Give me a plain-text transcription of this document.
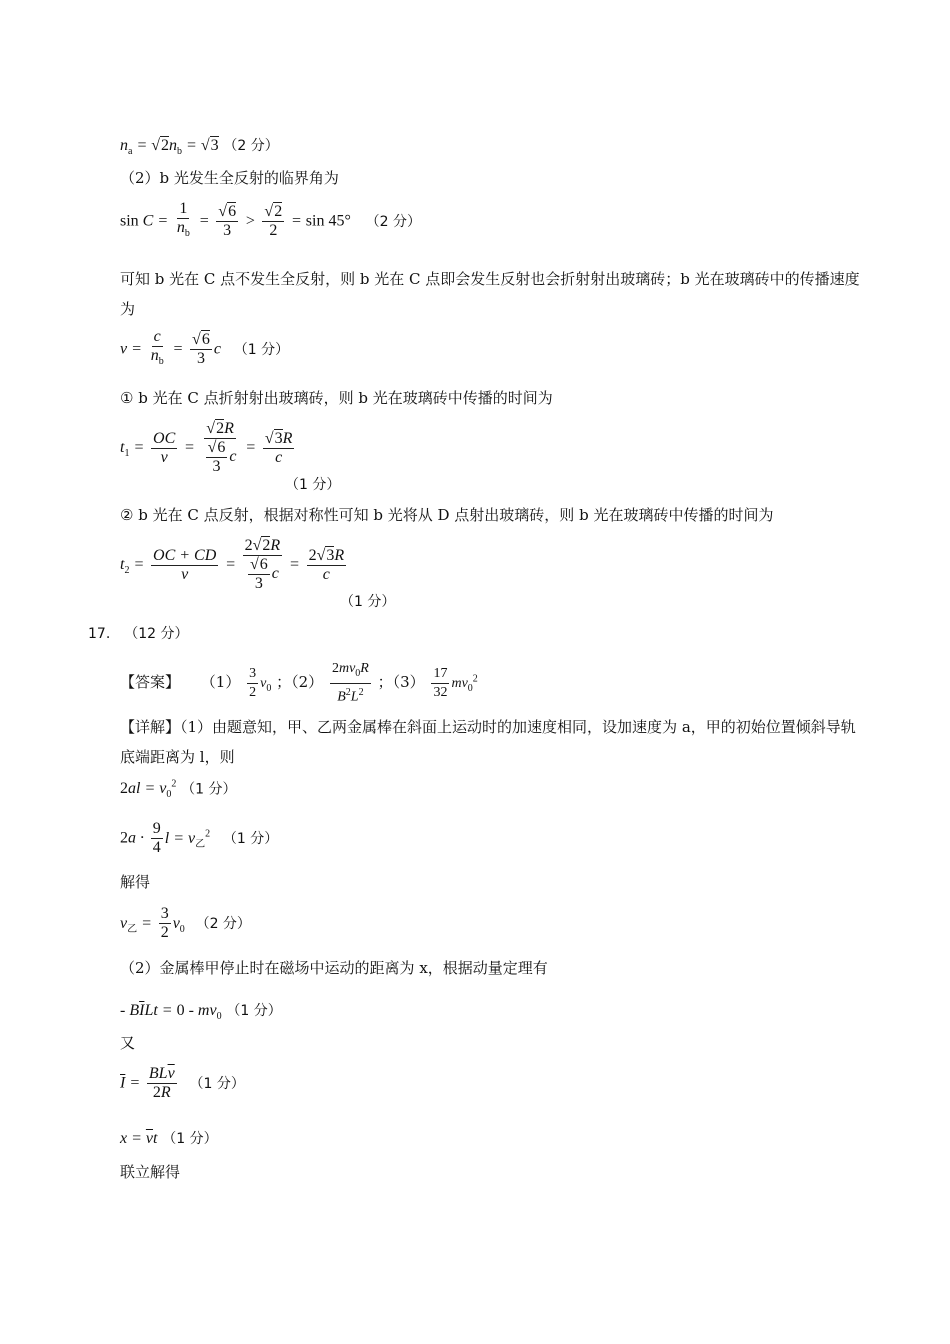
$n_a = √2n_b = √3$ （2 分）
（2）b 光发生全反射的临界角为
$\sin C = \frac{1}{n_b} = \frac{√6}{3} > \frac{√2}{2} = \sin 45^\circ$ （2 分）
可知 b 光在 C 点不发生全反射，则 b 光在 C 点即会发生反射也会折射射出玻璃砖；b 光在玻璃砖中的传播速度为
$v = \frac{c}{n_b} = \frac{√6}{3}$ c （1 分）
① b 光在 C 点折射射出玻璃砖，则 b 光在玻璃砖中传播的时间为
$t_1 = \frac{OC}{v} = \frac{√2R}{\frac{√6}{3} c} = \frac{√3R}{c}$
（1 分）
② b 光在 C 点反射，根据对称性可知 b 光将从 D 点射出玻璃砖，则 b 光在玻璃砖中传播的时间为
$t_2 = \frac{OC + CD}{v} = \frac{2√2R}{\frac{√6}{3} c} = \frac{2√3R}{c}$
（1 分）
17. （12 分）
【答案】 $(1) \frac{3}{2} v_0$ ；$(2) \frac{2mv_0R}{B^2L^2}$ ；$(3) \frac{17}{32} mv_0^2$
【详解】（1）由题意知，甲、乙两金属棒在斜面上运动时的加速度相同，设加速度为 a，甲的初始位置倾斜导轨底端距离为 l，则
$2al = v_0^2$ （1 分）
$2a \cdot \frac{9}{4}$ $l = v_乙^2$ （1 分）
解得
$v_乙 = \frac{3}{2} v_0$ （2 分）
（2）金属棒甲停止时在磁场中运动的距离为 x，根据动量定理有
- $B\overline{I}Lt = 0 - mv_0$ （1 分）
又
$\overline{I} = \frac{BL\overline{v}}{2R} (1$ 分）
$x = \overline{v}t$ （1 分）
联立解得
